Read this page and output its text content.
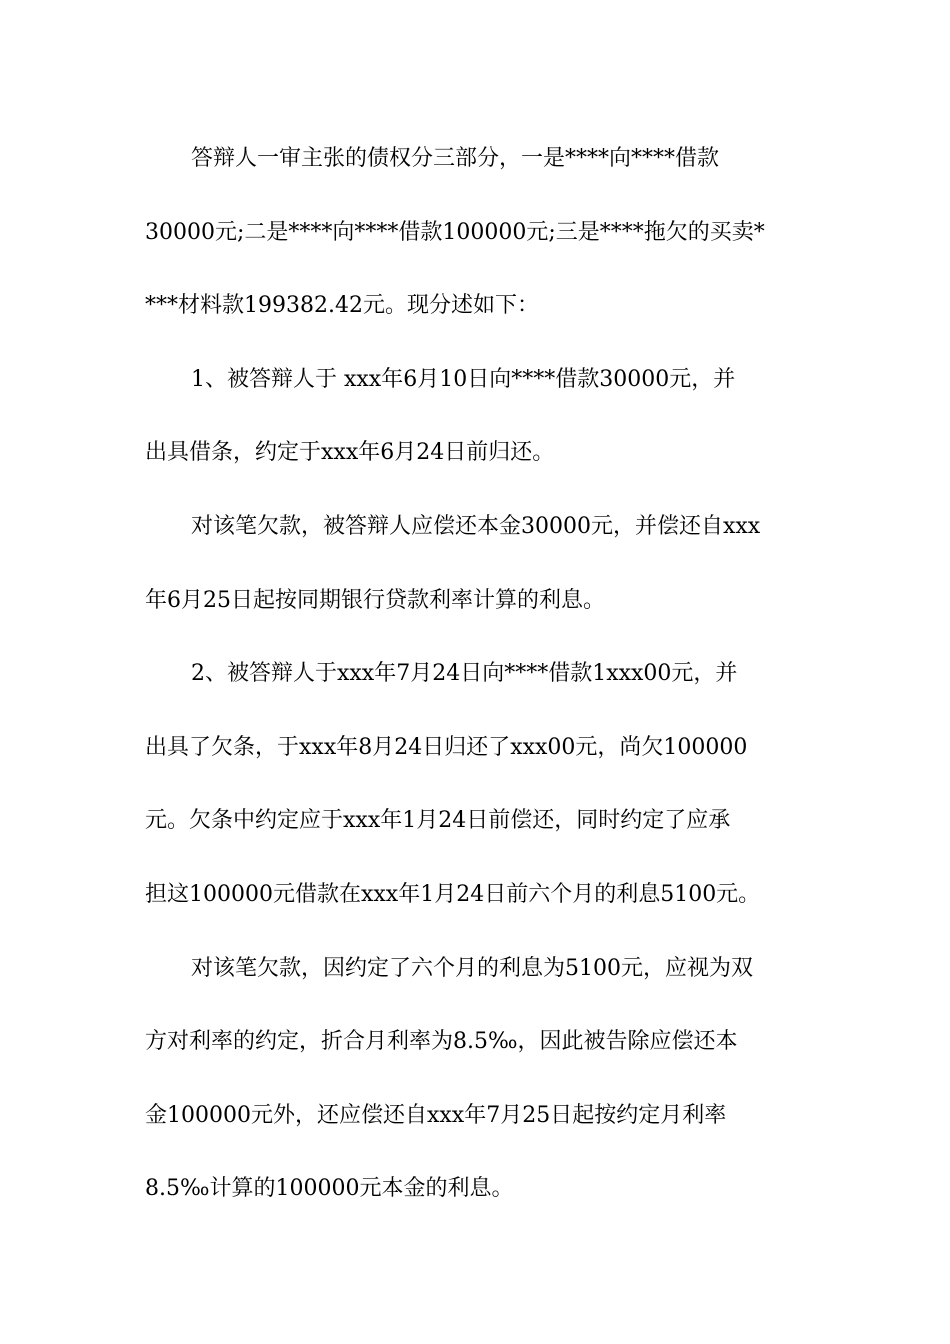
答辩人一审主张的债权分三部分，一是****向****借款
30000元;二是****向****借款100000元;三是****拖欠的买卖*
***材料款199382.42元。现分述如下：
1、被答辩人于 xxx年6月10日向****借款30000元，并
出具借条，约定于xxx年6月24日前归还。
对该笔欠款，被答辩人应偿还本金30000元，并偿还自xxx
年6月25日起按同期银行贷款利率计算的利息。
2、被答辩人于xxx年7月24日向****借款1xxx00元，并
出具了欠条，于xxx年8月24日归还了xxx00元，尚欠100000
元。欠条中约定应于xxx年1月24日前偿还，同时约定了应承
担这100000元借款在xxx年1月24日前六个月的利息5100元。
对该笔欠款，因约定了六个月的利息为5100元，应视为双
方对利率的约定，折合月利率为8.5‰，因此被告除应偿还本
金100000元外，还应偿还自xxx年7月25日起按约定月利率
8.5‰计算的100000元本金的利息。
